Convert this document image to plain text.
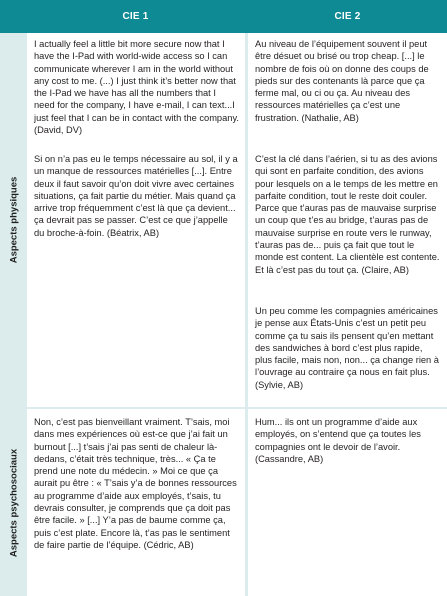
CIE 1	CIE 2
Aspects physiques

I actually feel a little bit more secure now that I have the I-Pad with world-wide access so I can communicate wherever I am in the world without any cost to me. (...) I just think it’s better now that the I-Pad we have has all the numbers that I need for the company, I have e-mail, I can text...I just feel that I can be in contact with the company. (David, DV)

Si on n’a pas eu le temps nécessaire au sol, il y a un manque de ressources matérielles [...]. Entre deux il faut savoir qu’on doit vivre avec certaines situations, ça fait partie du métier. Mais quand ça arrive trop fréquemment c’est là que ça devient... ça devrait pas se passer. C’est ce que j’appelle du broche-à-foin. (Béatrix, AB)

Au niveau de l’équipement souvent il peut être désuet ou brisé ou trop cheap. [...] le nombre de fois où on donne des coups de pieds sur des contenants là parce que ça ferme mal, ou ci ou ça. Au niveau des ressources matérielles ça c’est une frustration. (Nathalie, AB)

C’est la clé dans l’aérien, si tu as des avions qui sont en parfaite condition, des avions pour lesquels on a le temps de les mettre en parfaite condition, tout le reste doit couler. Parce que t’auras pas de mauvaise surprise un coup que t’es au bridge, t’auras pas de mauvaise surprise en route vers le runway, t’auras pas de... puis ça fait que tout le monde est content. La clientèle est contente. Et là c’est pas du tout ça. (Claire, AB)

Un peu comme les compagnies américaines je pense aux États-Unis c’est un petit peu comme ça tu sais ils pensent qu’en mettant des sandwiches à bord c’est plus rapide, plus facile, mais non, non... ça change rien à l’ouvrage au contraire ça nous en fait plus. (Sylvie, AB)

Aspects psychosociaux

Non, c’est pas bienveillant vraiment. T’sais, moi dans mes expériences où est-ce que j’ai fait un burnout [...] t’sais j’ai pas senti de chaleur là-dedans, c’était très technique, très... « Ça te prend une note du médecin. » Moi ce que ça aurait pu être : « T’sais y’a de bonnes ressources au programme d’aide aux employés, t’sais, tu devrais consulter, je comprends que ça doit pas être facile. » [...] Y’a pas de baume comme ça, puis c’est plate. Encore là, t’as pas le sentiment de faire partie de l’équipe. (Cédric, AB)

Hum... ils ont un programme d’aide aux employés, on s’entend que ça toutes les compagnies ont le devoir de l’avoir. (Cassandre, AB)
